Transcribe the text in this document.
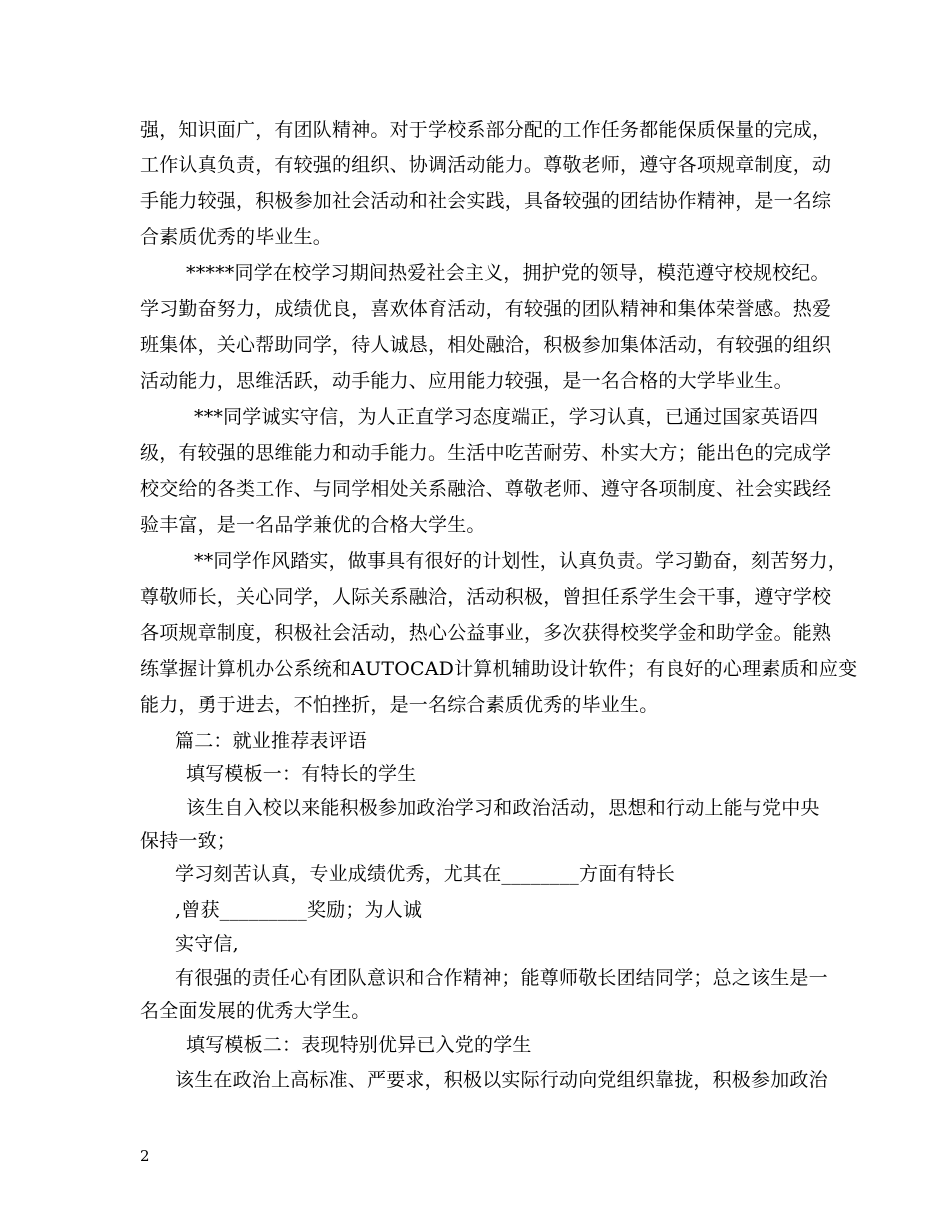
强，知识面广，有团队精神。对于学校系部分配的工作任务都能保质保量的完成，
工作认真负责，有较强的组织、协调活动能力。尊敬老师，遵守各项规章制度，动
手能力较强，积极参加社会活动和社会实践，具备较强的团结协作精神，是一名综
合素质优秀的毕业生。
*****同学在校学习期间热爱社会主义，拥护党的领导，模范遵守校规校纪。
学习勤奋努力，成绩优良，喜欢体育活动，有较强的团队精神和集体荣誉感。热爱
班集体，关心帮助同学，待人诚恳，相处融洽，积极参加集体活动，有较强的组织
活动能力，思维活跃，动手能力、应用能力较强，是一名合格的大学毕业生。
***同学诚实守信，为人正直学习态度端正，学习认真，已通过国家英语四
级，有较强的思维能力和动手能力。生活中吃苦耐劳、朴实大方；能出色的完成学
校交给的各类工作、与同学相处关系融洽、尊敬老师、遵守各项制度、社会实践经
验丰富，是一名品学兼优的合格大学生。
**同学作风踏实，做事具有很好的计划性，认真负责。学习勤奋，刻苦努力，
尊敬师长，关心同学，人际关系融洽，活动积极，曾担任系学生会干事，遵守学校
各项规章制度，积极社会活动，热心公益事业，多次获得校奖学金和助学金。能熟
练掌握计算机办公系统和AUTOCAD计算机辅助设计软件；有良好的心理素质和应变
能力，勇于进去，不怕挫折，是一名综合素质优秀的毕业生。
篇二：就业推荐表评语
填写模板一：有特长的学生
该生自入校以来能积极参加政治学习和政治活动，思想和行动上能与党中央
保持一致；
学习刻苦认真，专业成绩优秀，尤其在________方面有特长
,曾获_________奖励；为人诚
实守信,
有很强的责任心有团队意识和合作精神；能尊师敬长团结同学；总之该生是一
名全面发展的优秀大学生。
填写模板二：表现特别优异已入党的学生
该生在政治上高标准、严要求，积极以实际行动向党组织靠拢，积极参加政治
2
